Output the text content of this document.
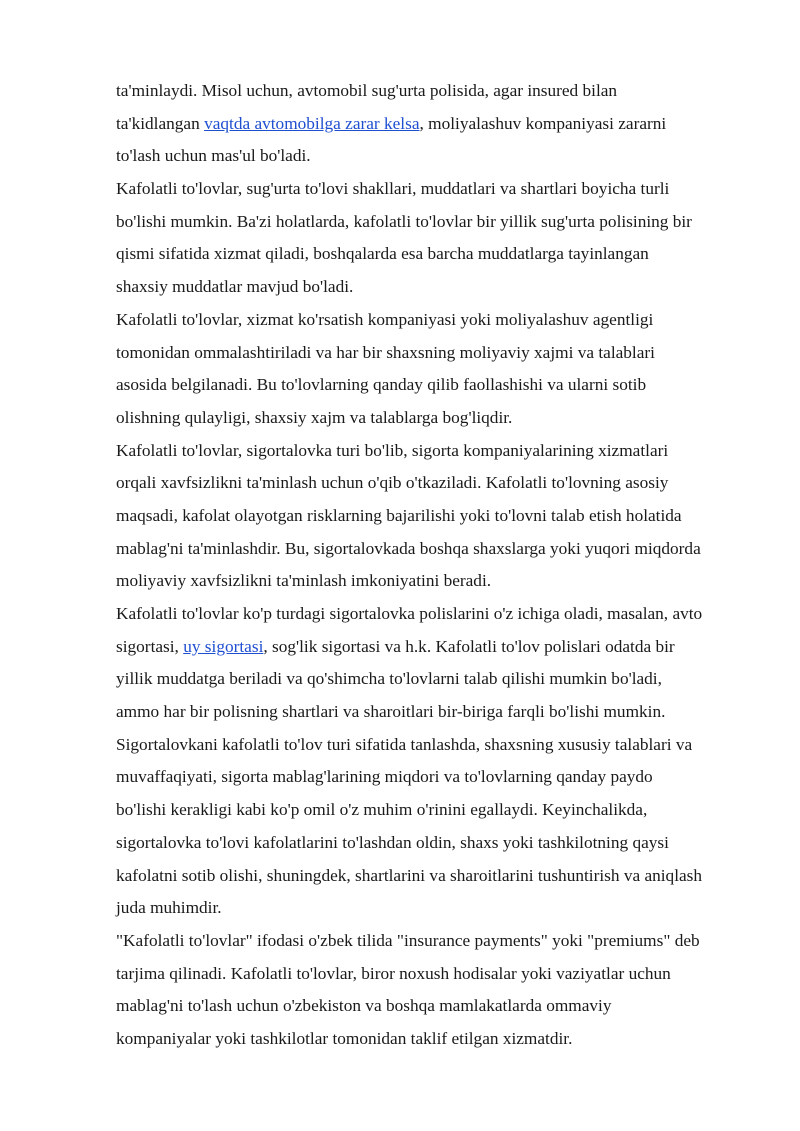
ta'minlaydi. Misol uchun, avtomobil sug'urta polisida, agar insured bilan
ta'kidlangan vaqtda avtomobilga zarar kelsa, moliyalashuv kompaniyasi zararni
to'lash uchun mas'ul bo'ladi.
Kafolatli to'lovlar, sug'urta to'lovi shakllari, muddatlari va shartlari boyicha turli
bo'lishi mumkin. Ba'zi holatlarda, kafolatli to'lovlar bir yillik sug'urta polisining bir
qismi sifatida xizmat qiladi, boshqalarda esa barcha muddatlarga tayinlangan
shaxsiy muddatlar mavjud bo'ladi.
Kafolatli to'lovlar, xizmat ko'rsatish kompaniyasi yoki moliyalashuv agentligi
tomonidan ommalashtiriladi va har bir shaxsning moliyaviy xajmi va talablari
asosida belgilanadi. Bu to'lovlarning qanday qilib faollashishi va ularni sotib
olishning qulayligi, shaxsiy xajm va talablarga bog'liqdir.
Kafolatli to'lovlar, sigortalovka turi bo'lib, sigorta kompaniyalarining xizmatlari
orqali xavfsizlikni ta'minlash uchun o'qib o'tkaziladi. Kafolatli to'lovning asosiy
maqsadi, kafolat olayotgan risklarning bajarilishi yoki to'lovni talab etish holatida
mablag'ni ta'minlashdir. Bu, sigortalovkada boshqa shaxslarga yoki yuqori miqdorda
moliyaviy xavfsizlikni ta'minlash imkoniyatini beradi.
Kafolatli to'lovlar ko'p turdagi sigortalovka polislarini o'z ichiga oladi, masalan, avto
sigortasi, uy sigortasi, sog'lik sigortasi va h.k. Kafolatli to'lov polislari odatda bir
yillik muddatga beriladi va qo'shimcha to'lovlarni talab qilishi mumkin bo'ladi,
ammo har bir polisning shartlari va sharoitlari bir-biriga farqli bo'lishi mumkin.
Sigortalovkani kafolatli to'lov turi sifatida tanlashda, shaxsning xususiy talablari va
muvaffaqiyati, sigorta mablag'larining miqdori va to'lovlarning qanday paydo
bo'lishi kerakligi kabi ko'p omil o'z muhim o'rinini egallaydi. Keyinchalikda,
sigortalovka to'lovi kafolatlarini to'lashdan oldin, shaxs yoki tashkilotning qaysi
kafolatni sotib olishi, shuningdek, shartlarini va sharoitlarini tushuntirish va aniqlash
juda muhimdir.
"Kafolatli to'lovlar" ifodasi o'zbek tilida "insurance payments" yoki "premiums" deb
tarjima qilinadi. Kafolatli to'lovlar, biror noxush hodisalar yoki vaziyatlar uchun
mablag'ni to'lash uchun o'zbekiston va boshqa mamlakatlarda ommaviy
kompaniyalar yoki tashkilotlar tomonidan taklif etilgan xizmatdir.
